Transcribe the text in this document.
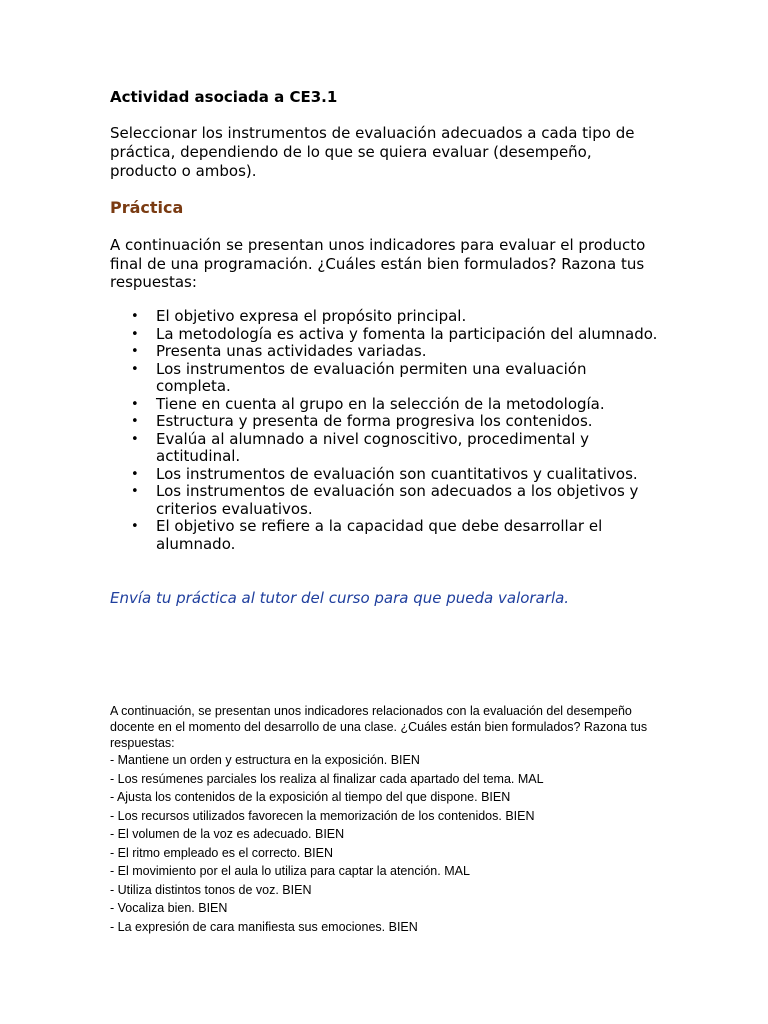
Actividad asociada a CE3.1

Seleccionar los instrumentos de evaluación adecuados a cada tipo de práctica, dependiendo de lo que se quiera evaluar (desempeño, producto o ambos).

Práctica

A continuación se presentan unos indicadores para evaluar el producto final de una programación. ¿Cuáles están bien formulados? Razona tus respuestas:

• El objetivo expresa el propósito principal.
• La metodología es activa y fomenta la participación del alumnado.
• Presenta unas actividades variadas.
• Los instrumentos de evaluación permiten una evaluación completa.
• Tiene en cuenta al grupo en la selección de la metodología.
• Estructura y presenta de forma progresiva los contenidos.
• Evalúa al alumnado a nivel cognoscitivo, procedimental y actitudinal.
• Los instrumentos de evaluación son cuantitativos y cualitativos.
• Los instrumentos de evaluación son adecuados a los objetivos y criterios evaluativos.
• El objetivo se refiere a la capacidad que debe desarrollar el alumnado.

Envía tu práctica al tutor del curso para que pueda valorarla.

A continuación, se presentan unos indicadores relacionados con la evaluación del desempeño docente en el momento del desarrollo de una clase. ¿Cuáles están bien formulados? Razona tus respuestas:

- Mantiene un orden y estructura en la exposición. BIEN
- Los resúmenes parciales los realiza al finalizar cada apartado del tema. MAL
- Ajusta los contenidos de la exposición al tiempo del que dispone. BIEN
- Los recursos utilizados favorecen la memorización de los contenidos. BIEN
- El volumen de la voz es adecuado. BIEN
- El ritmo empleado es el correcto. BIEN
- El movimiento por el aula lo utiliza para captar la atención. MAL
- Utiliza distintos tonos de voz. BIEN
- Vocaliza bien. BIEN
- La expresión de cara manifiesta sus emociones. BIEN
